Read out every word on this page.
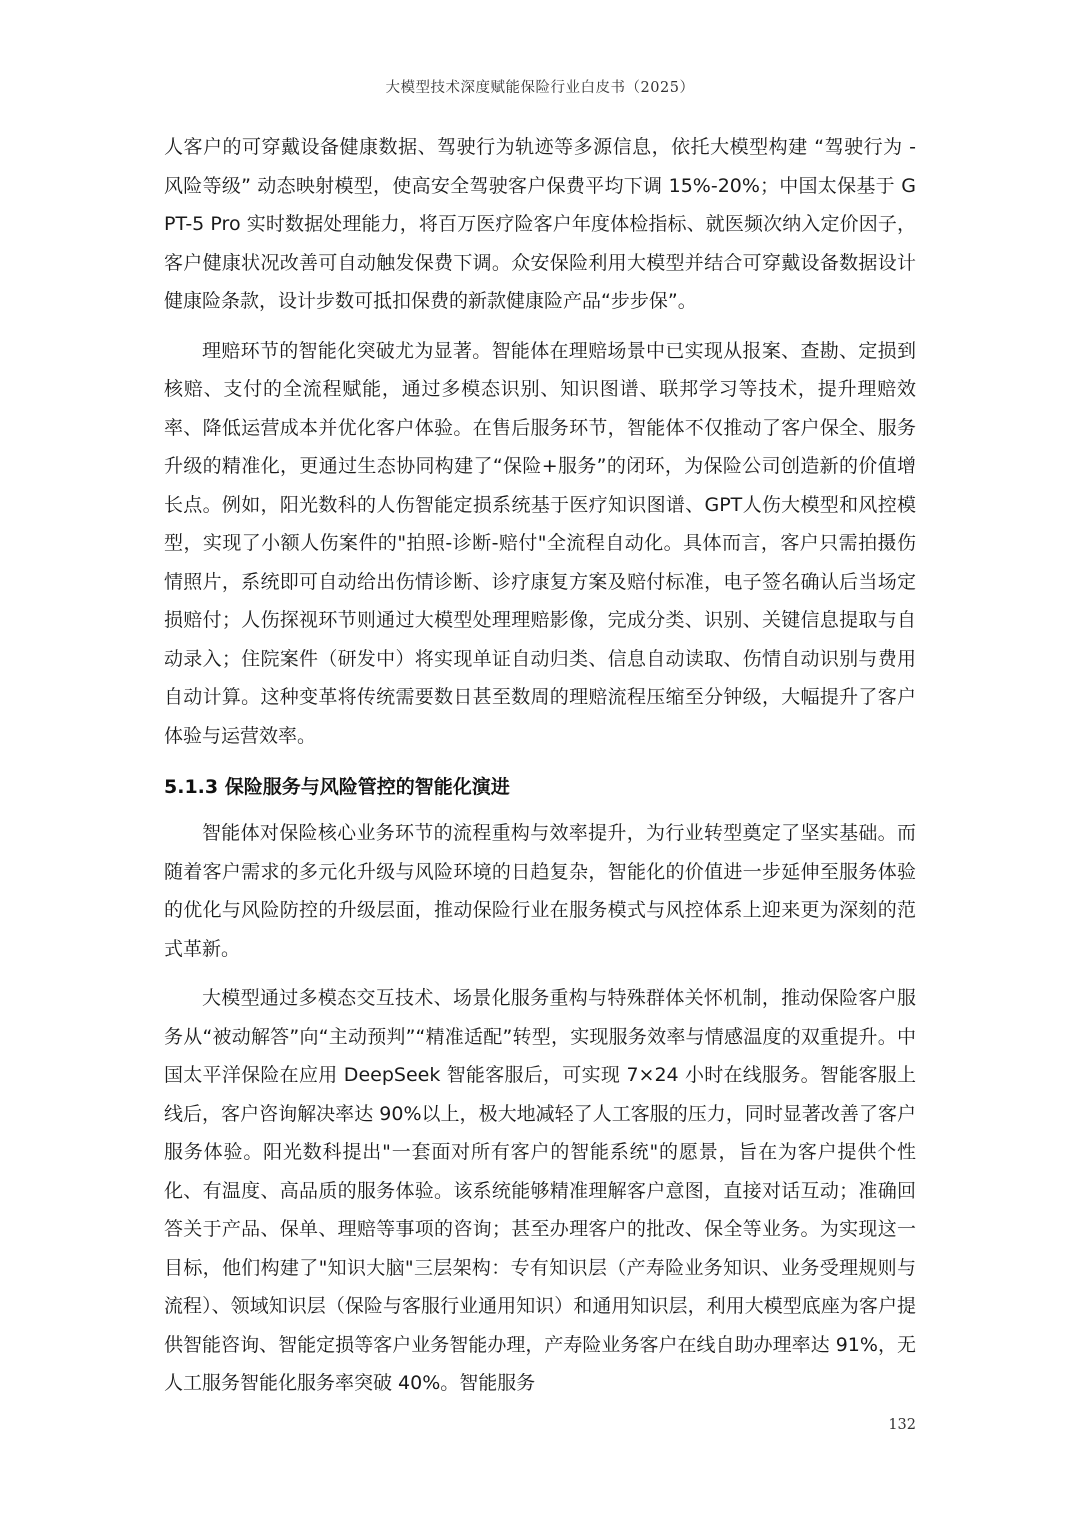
大模型技术深度赋能保险行业白皮书（2025）

人客户的可穿戴设备健康数据、驾驶行为轨迹等多源信息，依托大模型构建 “驾驶行为 - 风险等级” 动态映射模型，使高安全驾驶客户保费平均下调 15%-20%；中国太保基于 GPT-5 Pro 实时数据处理能力，将百万医疗险客户年度体检指标、就医频次纳入定价因子，客户健康状况改善可自动触发保费下调。众安保险利用大模型并结合可穿戴设备数据设计健康险条款，设计步数可抵扣保费的新款健康险产品“步步保”。

理赔环节的智能化突破尤为显著。智能体在理赔场景中已实现从报案、查勘、定损到核赔、支付的全流程赋能，通过多模态识别、知识图谱、联邦学习等技术，提升理赔效率、降低运营成本并优化客户体验。在售后服务环节，智能体不仅推动了客户保全、服务升级的精准化，更通过生态协同构建了“保险+服务”的闭环，为保险公司创造新的价值增长点。例如，阳光数科的人伤智能定损系统基于医疗知识图谱、GPT人伤大模型和风控模型，实现了小额人伤案件的"拍照-诊断-赔付"全流程自动化。具体而言，客户只需拍摄伤情照片，系统即可自动给出伤情诊断、诊疗康复方案及赔付标准，电子签名确认后当场定损赔付；人伤探视环节则通过大模型处理理赔影像，完成分类、识别、关键信息提取与自动录入；住院案件（研发中）将实现单证自动归类、信息自动读取、伤情自动识别与费用自动计算。这种变革将传统需要数日甚至数周的理赔流程压缩至分钟级，大幅提升了客户体验与运营效率。

5.1.3 保险服务与风险管控的智能化演进

智能体对保险核心业务环节的流程重构与效率提升，为行业转型奠定了坚实基础。而随着客户需求的多元化升级与风险环境的日趋复杂，智能化的价值进一步延伸至服务体验的优化与风险防控的升级层面，推动保险行业在服务模式与风控体系上迎来更为深刻的范式革新。

大模型通过多模态交互技术、场景化服务重构与特殊群体关怀机制，推动保险客户服务从“被动解答”向“主动预判”“精准适配”转型，实现服务效率与情感温度的双重提升。中国太平洋保险在应用 DeepSeek 智能客服后，可实现 7×24 小时在线服务。智能客服上线后，客户咨询解决率达 90%以上，极大地减轻了人工客服的压力，同时显著改善了客户服务体验。阳光数科提出"一套面对所有客户的智能系统"的愿景，旨在为客户提供个性化、有温度、高品质的服务体验。该系统能够精准理解客户意图，直接对话互动；准确回答关于产品、保单、理赔等事项的咨询；甚至办理客户的批改、保全等业务。为实现这一目标，他们构建了"知识大脑"三层架构：专有知识层（产寿险业务知识、业务受理规则与流程）、领域知识层（保险与客服行业通用知识）和通用知识层，利用大模型底座为客户提供智能咨询、智能定损等客户业务智能办理，产寿险业务客户在线自助办理率达 91%，无人工服务智能化服务率突破 40%。智能服务

132
